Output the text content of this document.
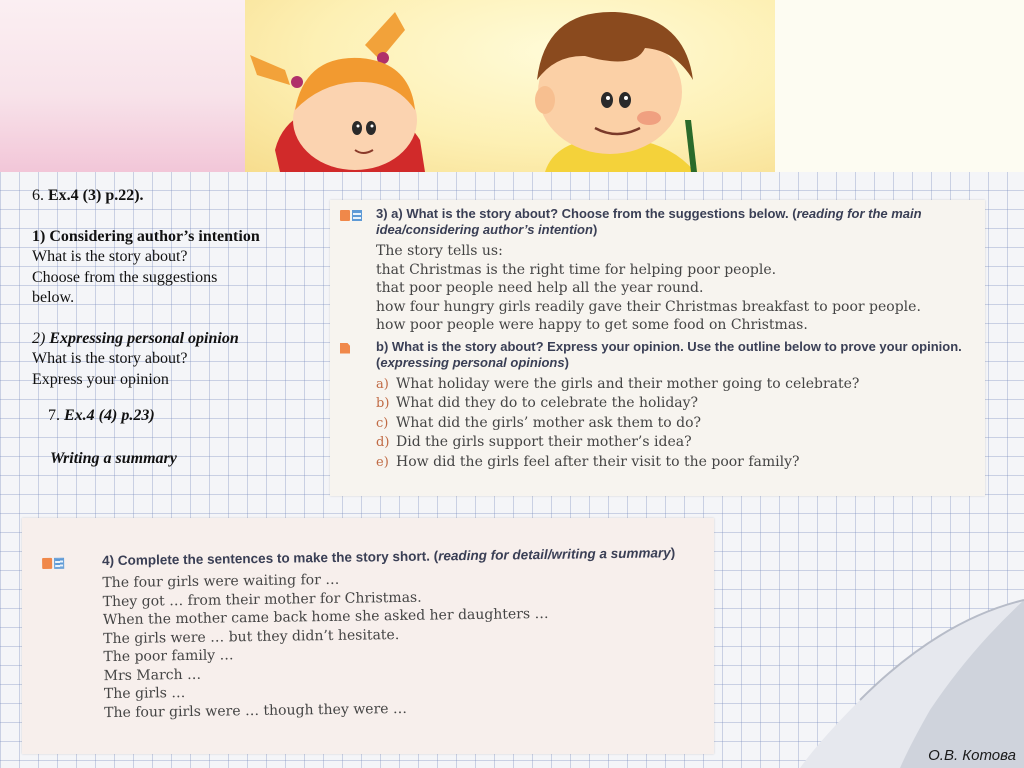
6. Ex.4 (3) p.22).
1) Considering author’s intention
What is the story about?
Choose from the suggestions
below.
2) Expressing personal opinion
What is the story about?
Express your opinion
7. Ex.4 (4) p.23)
Writing a summary
3) a) What is the story about? Choose from the suggestions below. (reading for the main idea/considering author’s intention)
The story tells us:
that Christmas is the right time for helping poor people.
that poor people need help all the year round.
how four hungry girls readily gave their Christmas breakfast to poor people.
how poor people were happy to get some food on Christmas.
b) What is the story about? Express your opinion. Use the outline below to prove your opinion. (expressing personal opinions)
a) What holiday were the girls and their mother going to celebrate?
b) What did they do to celebrate the holiday?
c) What did the girls’ mother ask them to do?
d) Did the girls support their mother’s idea?
e) How did the girls feel after their visit to the poor family?
4) Complete the sentences to make the story short. (reading for detail/writing a summary)
The four girls were waiting for …
They got … from their mother for Christmas.
When the mother came back home she asked her daughters …
The girls were … but they didn’t hesitate.
The poor family …
Mrs March …
The girls …
The four girls were … though they were …
О.В. Котова
